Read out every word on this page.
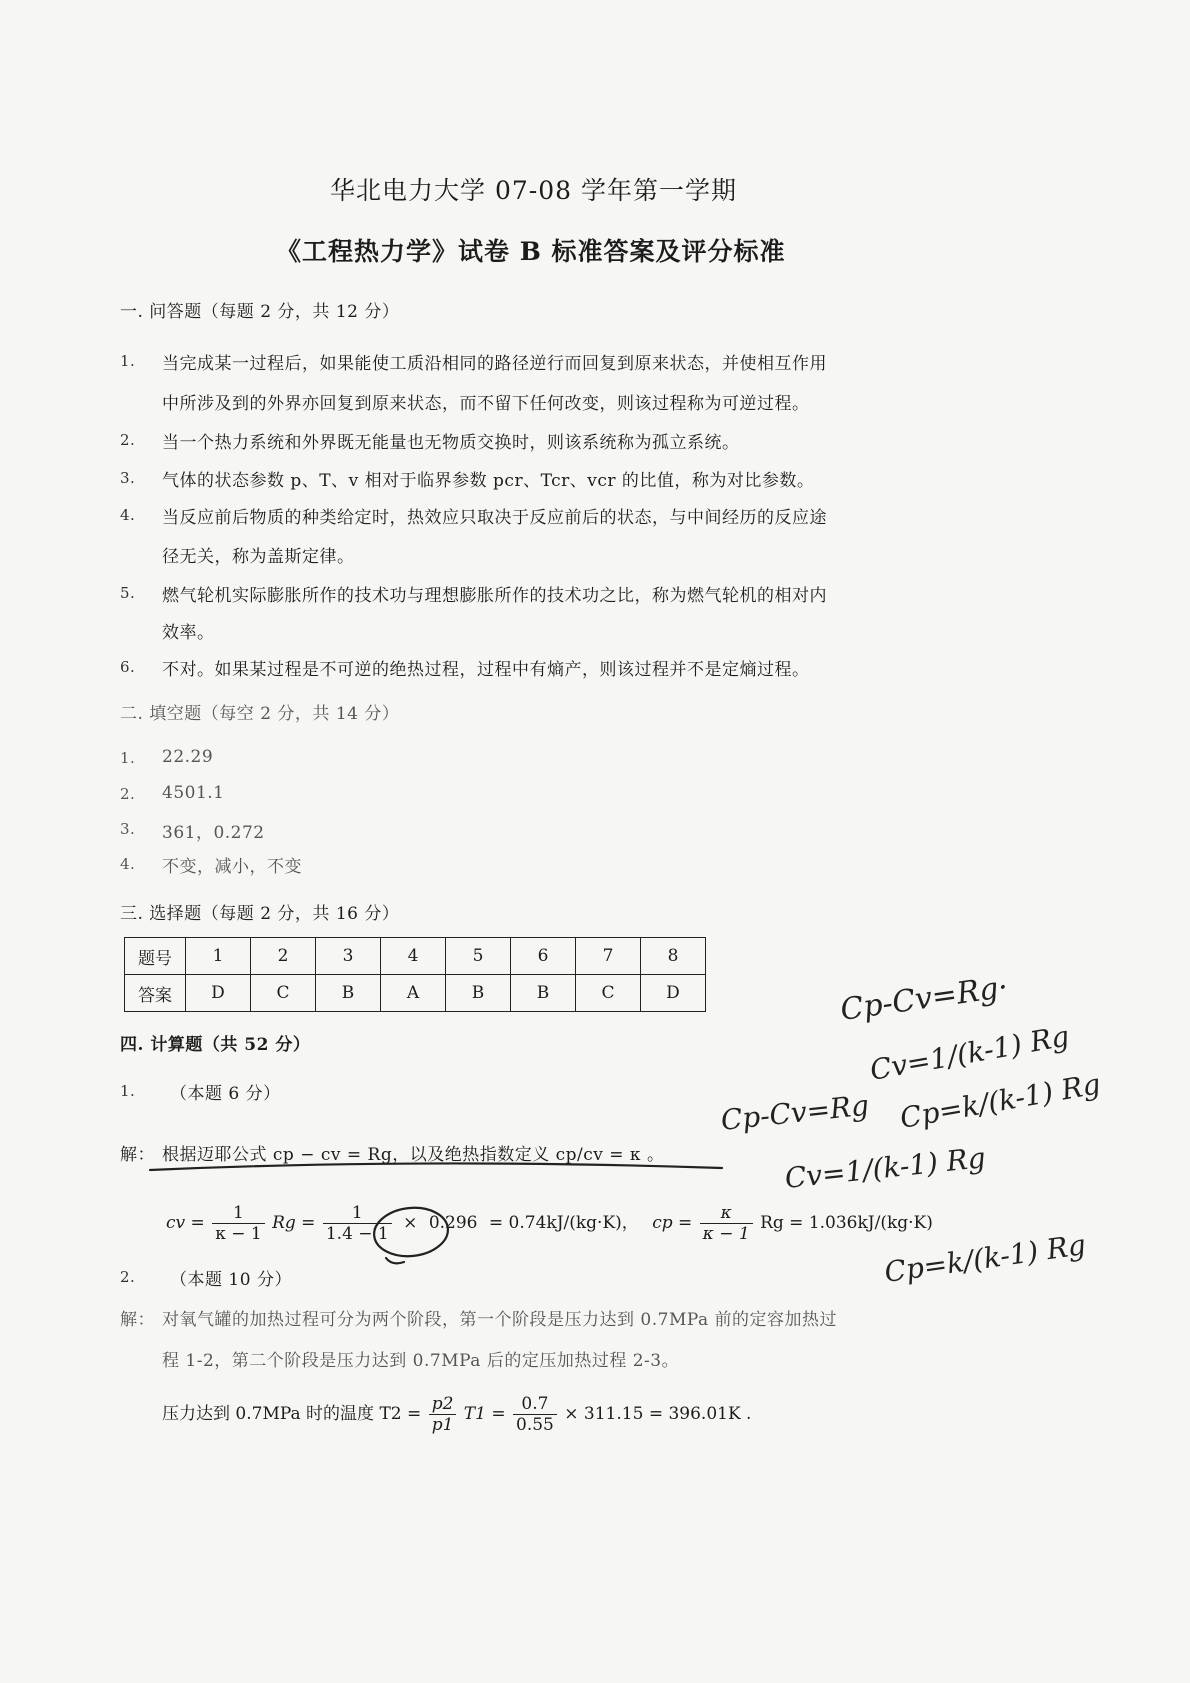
华北电力大学 07-08 学年第一学期
《工程热力学》试卷 B 标准答案及评分标准
一. 问答题（每题 2 分，共 12 分）
1. 当完成某一过程后，如果能使工质沿相同的路径逆行而回复到原来状态，并使相互作用
中所涉及到的外界亦回复到原来状态，而不留下任何改变，则该过程称为可逆过程。
2. 当一个热力系统和外界既无能量也无物质交换时，则该系统称为孤立系统。
3. 气体的状态参数 p、T、v 相对于临界参数 pcr、Tcr、vcr 的比值，称为对比参数。
4. 当反应前后物质的种类给定时，热效应只取决于反应前后的状态，与中间经历的反应途
径无关，称为盖斯定律。
5. 燃气轮机实际膨胀所作的技术功与理想膨胀所作的技术功之比，称为燃气轮机的相对内
效率。
6. 不对。如果某过程是不可逆的绝热过程，过程中有熵产，则该过程并不是定熵过程。
二. 填空题（每空 2 分，共 14 分）
1. 22.29
2. 4501.1
3. 361，0.272
4. 不变，减小，不变
三. 选择题（每题 2 分，共 16 分）
题号	1	2	3	4	5	6	7	8
答案	D	C	B	A	B	B	C	D
四. 计算题（共 52 分）
1. （本题 6 分）
解： 根据迈耶公式 cp − cv = Rg，以及绝热指数定义 cp/cv = κ 。
cv = $\frac{1}{\kappa - 1}$ $Rg = \frac{1}{1.4 - 1} \times 0.296 = 0.74kJ/(kg\cdot K)$， cp = $\frac{\kappa}{\kappa - 1}$ Rg = 1.036kJ/(kg·K)
2. （本题 10 分）
解： 对氧气罐的加热过程可分为两个阶段，第一个阶段是压力达到 0.7MPa 前的定容加热过
程 1-2，第二个阶段是压力达到 0.7MPa 后的定压加热过程 2-3。
压力达到 0.7MPa 时的温度 $T2 = \frac{p2}{p1} T1 = \frac{0.7}{0.55} \times 311.15 = 396.01K$ .
Cp-Cv=Rg·
Cv=1/(k-1) Rg
Cp-Cv=Rg Cp=k/(k-1) Rg
Cv=1/(k-1) Rg
Cp=k/(k-1) Rg
